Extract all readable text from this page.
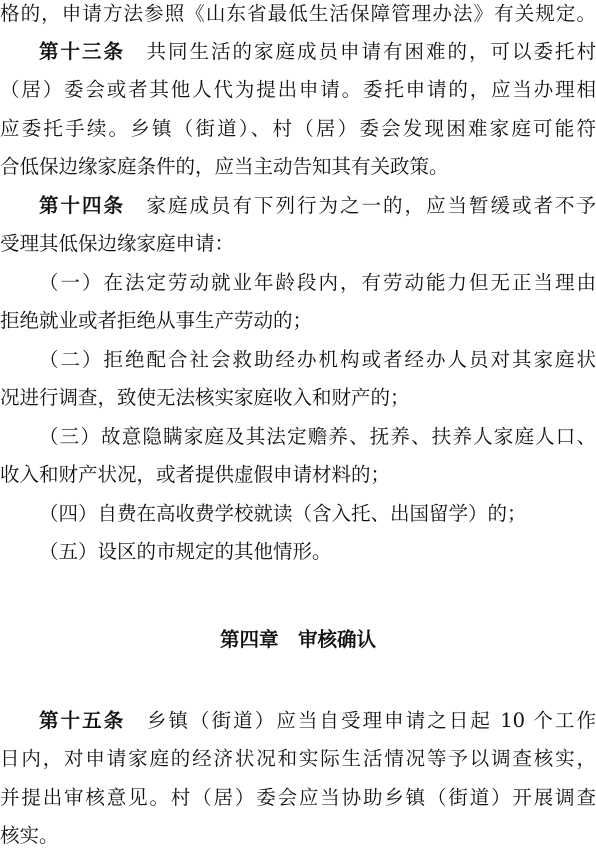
格的，申请方法参照《山东省最低生活保障管理办法》有关规定。
第十三条　共同生活的家庭成员申请有困难的，可以委托村
（居）委会或者其他人代为提出申请。委托申请的，应当办理相
应委托手续。乡镇（街道）、村（居）委会发现困难家庭可能符
合低保边缘家庭条件的，应当主动告知其有关政策。
第十四条　家庭成员有下列行为之一的，应当暂缓或者不予
受理其低保边缘家庭申请：
（一）在法定劳动就业年龄段内，有劳动能力但无正当理由
拒绝就业或者拒绝从事生产劳动的；
（二）拒绝配合社会救助经办机构或者经办人员对其家庭状
况进行调查，致使无法核实家庭收入和财产的；
（三）故意隐瞒家庭及其法定赡养、抚养、扶养人家庭人口、
收入和财产状况，或者提供虚假申请材料的；
（四）自费在高收费学校就读（含入托、出国留学）的；
（五）设区的市规定的其他情形。
第四章　审核确认
第十五条　乡镇（街道）应当自受理申请之日起 10 个工作
日内，对申请家庭的经济状况和实际生活情况等予以调查核实，
并提出审核意见。村（居）委会应当协助乡镇（街道）开展调查
核实。
